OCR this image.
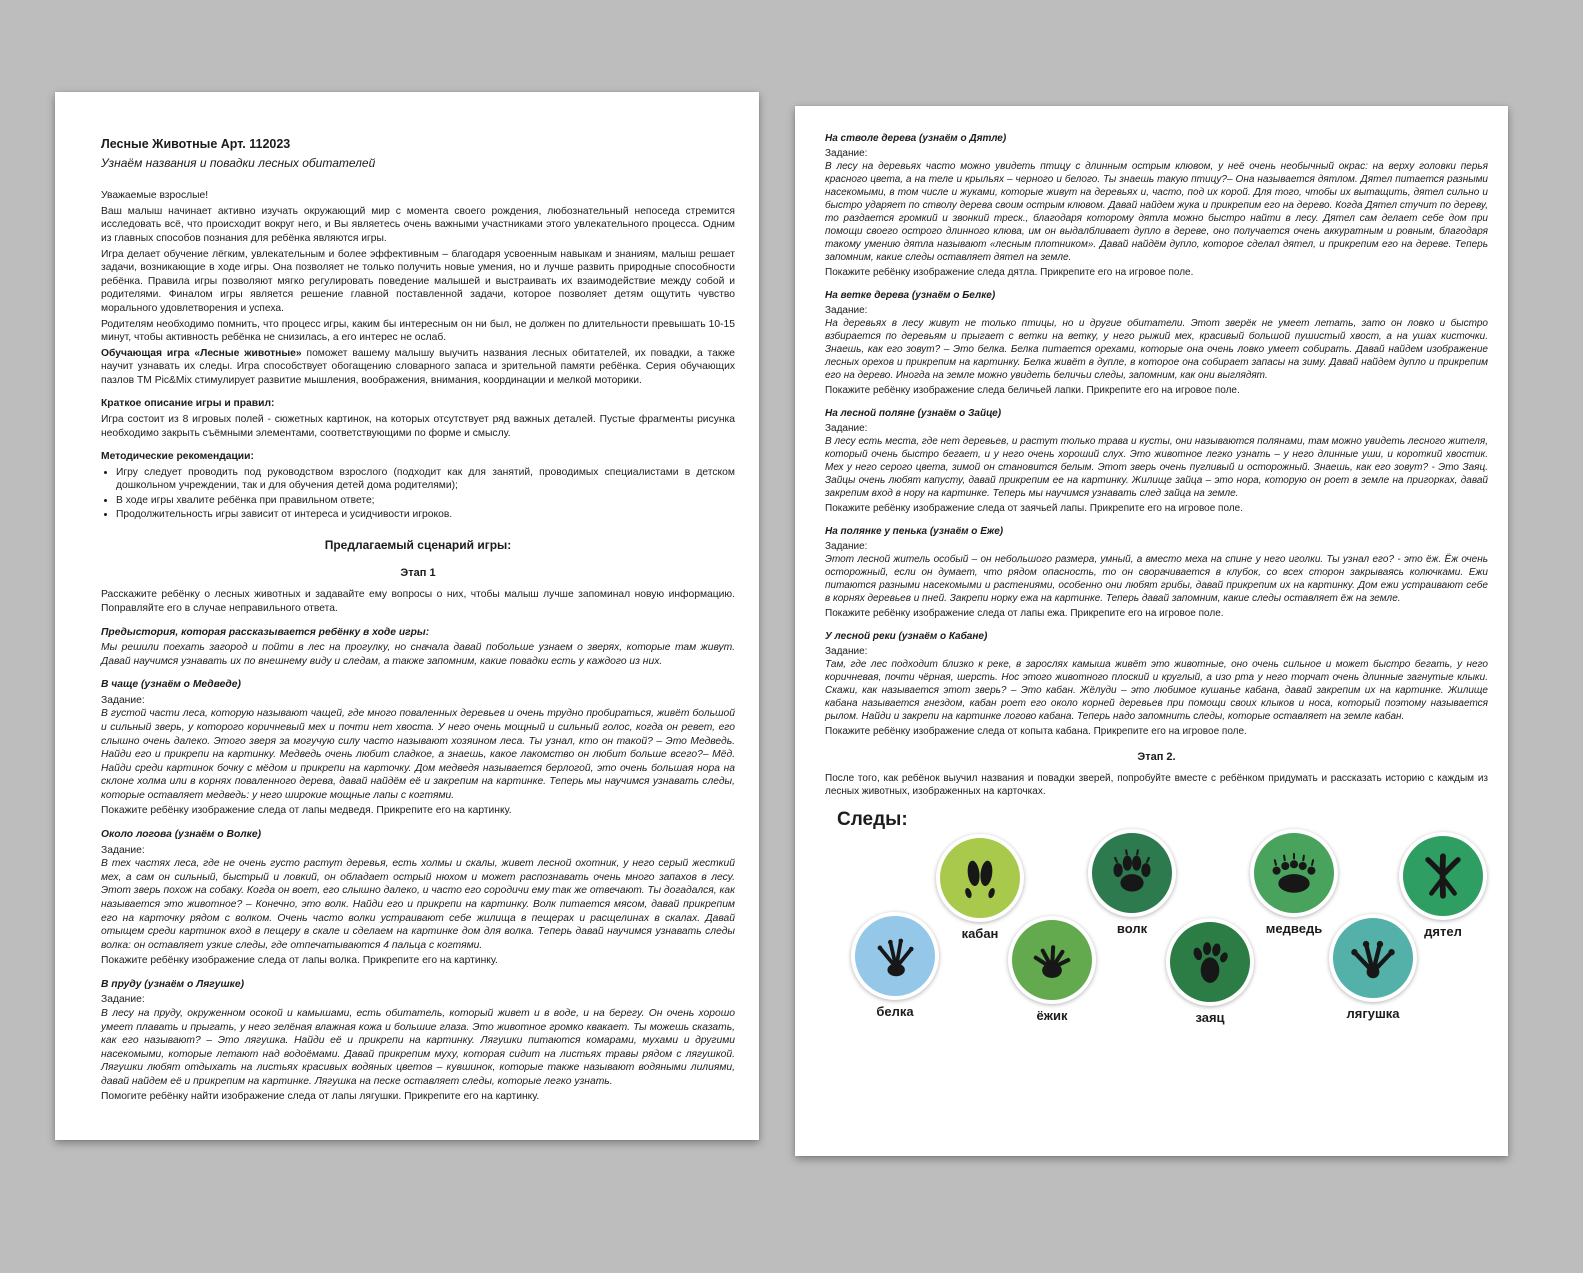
Лесные Животные Арт. 112023
Узнаём названия и повадки лесных обитателей

Уважаемые взрослые!

Ваш малыш начинает активно изучать окружающий мир с момента своего рождения, любознательный непоседа стремится исследовать всё, что происходит вокруг него, и Вы являетесь очень важными участниками этого увлекательного процесса. Одним из главных способов познания для ребёнка являются игры.

Игра делает обучение лёгким, увлекательным и более эффективным – благодаря усвоенным навыкам и знаниям, малыш решает задачи, возникающие в ходе игры. Она позволяет не только получить новые умения, но и лучше развить природные способности ребёнка. Правила игры позволяют мягко регулировать поведение малышей и выстраивать их взаимодействие между собой и родителями. Финалом игры является решение главной поставленной задачи, которое позволяет детям ощутить чувство морального удовлетворения и успеха.

Родителям необходимо помнить, что процесс игры, каким бы интересным он ни был, не должен по длительности превышать 10-15 минут, чтобы активность ребёнка не снизилась, а его интерес не ослаб.

Обучающая игра «Лесные животные» поможет вашему малышу выучить названия лесных обитателей, их повадки, а также научит узнавать их следы. Игра способствует обогащению словарного запаса и зрительной памяти ребёнка. Серия обучающих пазлов ТМ Pic&Mix стимулирует развитие мышления, воображения, внимания, координации и мелкой моторики.

Краткое описание игры и правил:

Игра состоит из 8 игровых полей - сюжетных картинок, на которых отсутствует ряд важных деталей. Пустые фрагменты рисунка необходимо закрыть съёмными элементами, соответствующими по форме и смыслу.

Методические рекомендации:
• Игру следует проводить под руководством взрослого (подходит как для занятий, проводимых специалистами в детском дошкольном учреждении, так и для обучения детей дома родителями);
• В ходе игры хвалите ребёнка при правильном ответе;
• Продолжительность игры зависит от интереса и усидчивости игроков.
Предлагаемый сценарий игры:
Этап 1

Расскажите ребёнку о лесных животных и задавайте ему вопросы о них, чтобы малыш лучше запоминал новую информацию. Поправляйте его в случае неправильного ответа.

Предыстория, которая рассказывается ребёнку в ходе игры:
Мы решили поехать загород и пойти в лес на прогулку, но сначала давай побольше узнаем о зверях, которые там живут. Давай научимся узнавать их по внешнему виду и следам, а также запомним, какие повадки есть у каждого из них.
В чаще (узнаём о Медведе)
Задание:
В густой части леса, которую называют чащей, где много поваленных деревьев и очень трудно пробираться, живёт большой и сильный зверь, у которого коричневый мех и почти нет хвоста. У него очень мощный и сильный голос, когда он ревет, его слышно очень далеко. Этого зверя за могучую силу часто называют хозяином леса. Ты узнал, кто он такой? – Это Медведь. Найди его и прикрепи на картинку. Медведь очень любит сладкое, а знаешь, какое лакомство он любит больше всего?– Мёд. Найди среди картинок бочку с мёдом и прикрепи на карточку. Дом медведя называется берлогой, это очень большая нора на склоне холма или в корнях поваленного дерева, давай найдём её и закрепим на картинке. Теперь мы научимся узнавать следы, которые оставляет медведь: у него широкие мощные лапы с когтями.
Покажите ребёнку изображение следа от лапы медведя. Прикрепите его на картинку.
Около логова (узнаём о Волке)
Задание:
В тех частях леса, где не очень густо растут деревья, есть холмы и скалы, живет лесной охотник, у него серый жесткий мех, а сам он сильный, быстрый и ловкий, он обладает острый нюхом и может распознавать очень много запахов в лесу. Этот зверь похож на собаку. Когда он воет, его слышно далеко, и часто его сородичи ему так же отвечают. Ты догадался, как называется это животное? – Конечно, это волк. Найди его и прикрепи на картинку. Волк питается мясом, давай прикрепим его на карточку рядом с волком. Очень часто волки устраивают себе жилища в пещерах и расщелинах в скалах. Давай отыщем среди картинок вход в пещеру в скале и сделаем на картинке дом для волка. Теперь давай научимся узнавать следы волка: он оставляет узкие следы, где отпечатываются 4 пальца с когтями.
Покажите ребёнку изображение следа от лапы волка. Прикрепите его на картинку.
В пруду (узнаём о Лягушке)
Задание:
В лесу на пруду, окруженном осокой и камышами, есть обитатель, который живет и в воде, и на берегу. Он очень хорошо умеет плавать и прыгать, у него зелёная влажная кожа и большие глаза. Это животное громко квакает. Ты можешь сказать, как его называют? – Это лягушка. Найди её и прикрепи на картинку. Лягушки питаются комарами, мухами и другими насекомыми, которые летают над водоёмами. Давай прикрепим муху, которая сидит на листьях травы рядом с лягушкой. Лягушки любят отдыхать на листьях красивых водяных цветов – кувшинок, которые также называют водяными лилиями, давай найдем её и прикрепим на картинке. Лягушка на песке оставляет следы, которые легко узнать.
Помогите ребёнку найти изображение следа от лапы лягушки. Прикрепите его на картинку.
На стволе дерева (узнаём о Дятле)
Задание:
В лесу на деревьях часто можно увидеть птицу с длинным острым клювом, у неё очень необычный окрас: на верху головки перья красного цвета, а на теле и крыльях – черного и белого. Ты знаешь такую птицу?– Она называется дятлом. Дятел питается разными насекомыми, в том числе и жуками, которые живут на деревьях и, часто, под их корой. Для того, чтобы их вытащить, дятел сильно и быстро ударяет по стволу дерева своим острым клювом. Давай найдем жука и прикрепим его на дерево. Когда Дятел стучит по дереву, то раздается громкий и звонкий треск., благодаря которому дятла можно быстро найти в лесу. Дятел сам делает себе дом при помощи своего острого длинного клюва, им он выдалбливает дупло в дереве, оно получается очень аккуратным и ровным, благодаря такому умению дятла называют «лесным плотником». Давай найдём дупло, которое сделал дятел, и прикрепим его на дереве. Теперь запомним, какие следы оставляет дятел на земле.
Покажите ребёнку изображение следа дятла. Прикрепите его на игровое поле.
На ветке дерева (узнаём о Белке)
Задание:
На деревьях в лесу живут не только птицы, но и другие обитатели. Этот зверёк не умеет летать, зато он ловко и быстро взбирается по деревьям и прыгает с ветки на ветку, у него рыжий мех, красивый большой пушистый хвост, а на ушах кисточки. Знаешь, как его зовут? – Это белка. Белка питается орехами, которые она очень ловко умеет собирать. Давай найдем изображение лесных орехов и прикрепим на картинку. Белка живёт в дупле, в которое она собирает запасы на зиму. Давай найдем дупло и прикрепим его на дерево. Иногда на земле можно увидеть беличьи следы, запомним, как они выглядят.
Покажите ребёнку изображение следа беличьей лапки. Прикрепите его на игровое поле.
На лесной поляне (узнаём о Зайце)
Задание:
В лесу есть места, где нет деревьев, и растут только трава и кусты, они называются полянами, там можно увидеть лесного жителя, который очень быстро бегает, и у него очень хороший слух. Это животное легко узнать – у него длинные уши, и короткий хвостик. Мех у него серого цвета, зимой он становится белым. Этот зверь очень пугливый и осторожный. Знаешь, как его зовут? - Это Заяц. Зайцы очень любят капусту, давай прикрепим ее на картинку. Жилище зайца – это нора, которую он роет в земле на пригорках, давай закрепим вход в нору на картинке. Теперь мы научимся узнавать след зайца на земле.
Покажите ребёнку изображение следа от заячьей лапы. Прикрепите его на игровое поле.
На полянке у пенька (узнаём о Еже)
Задание:
Этот лесной житель особый – он небольшого размера, умный, а вместо меха на спине у него иголки. Ты узнал его? - это ёж. Ёж очень осторожный, если он думает, что рядом опасность, то он сворачивается в клубок, со всех сторон закрываясь колючками. Ежи питаются разными насекомыми и растениями, особенно они любят грибы, давай прикрепим их на картинку. Дом ежи устраивают себе в корнях деревьев и пней. Закрепи норку ежа на картинке. Теперь давай запомним, какие следы оставляет ёж на земле.
Покажите ребёнку изображение следа от лапы ежа. Прикрепите его на игровое поле.
У лесной реки (узнаём о Кабане)
Задание:
Там, где лес подходит близко к реке, в зарослях камыша живёт это животные, оно очень сильное и может быстро бегать, у него коричневая, почти чёрная, шерсть. Нос этого животного плоский и круглый, а изо рта у него торчат очень длинные загнутые клыки. Скажи, как называется этот зверь? – Это кабан. Жёлуди – это любимое кушанье кабана, давай закрепим их на картинке. Жилище кабана называется гнездом, кабан роет его около корней деревьев при помощи своих клыков и носа, который поэтому называется рылом. Найди и закрепи на картинке логово кабана. Теперь надо запомнить следы, которые оставляет на земле кабан.
Покажите ребёнку изображение следа от копыта кабана. Прикрепите его на игровое поле.
Этап 2.

После того, как ребёнок выучил названия и повадки зверей, попробуйте вместе с ребёнком придумать и рассказать историю с каждым из лесных животных, изображенных на карточках.

Следы:
кабан	волк	медведь	дятел
белка	ёжик	заяц	лягушка
